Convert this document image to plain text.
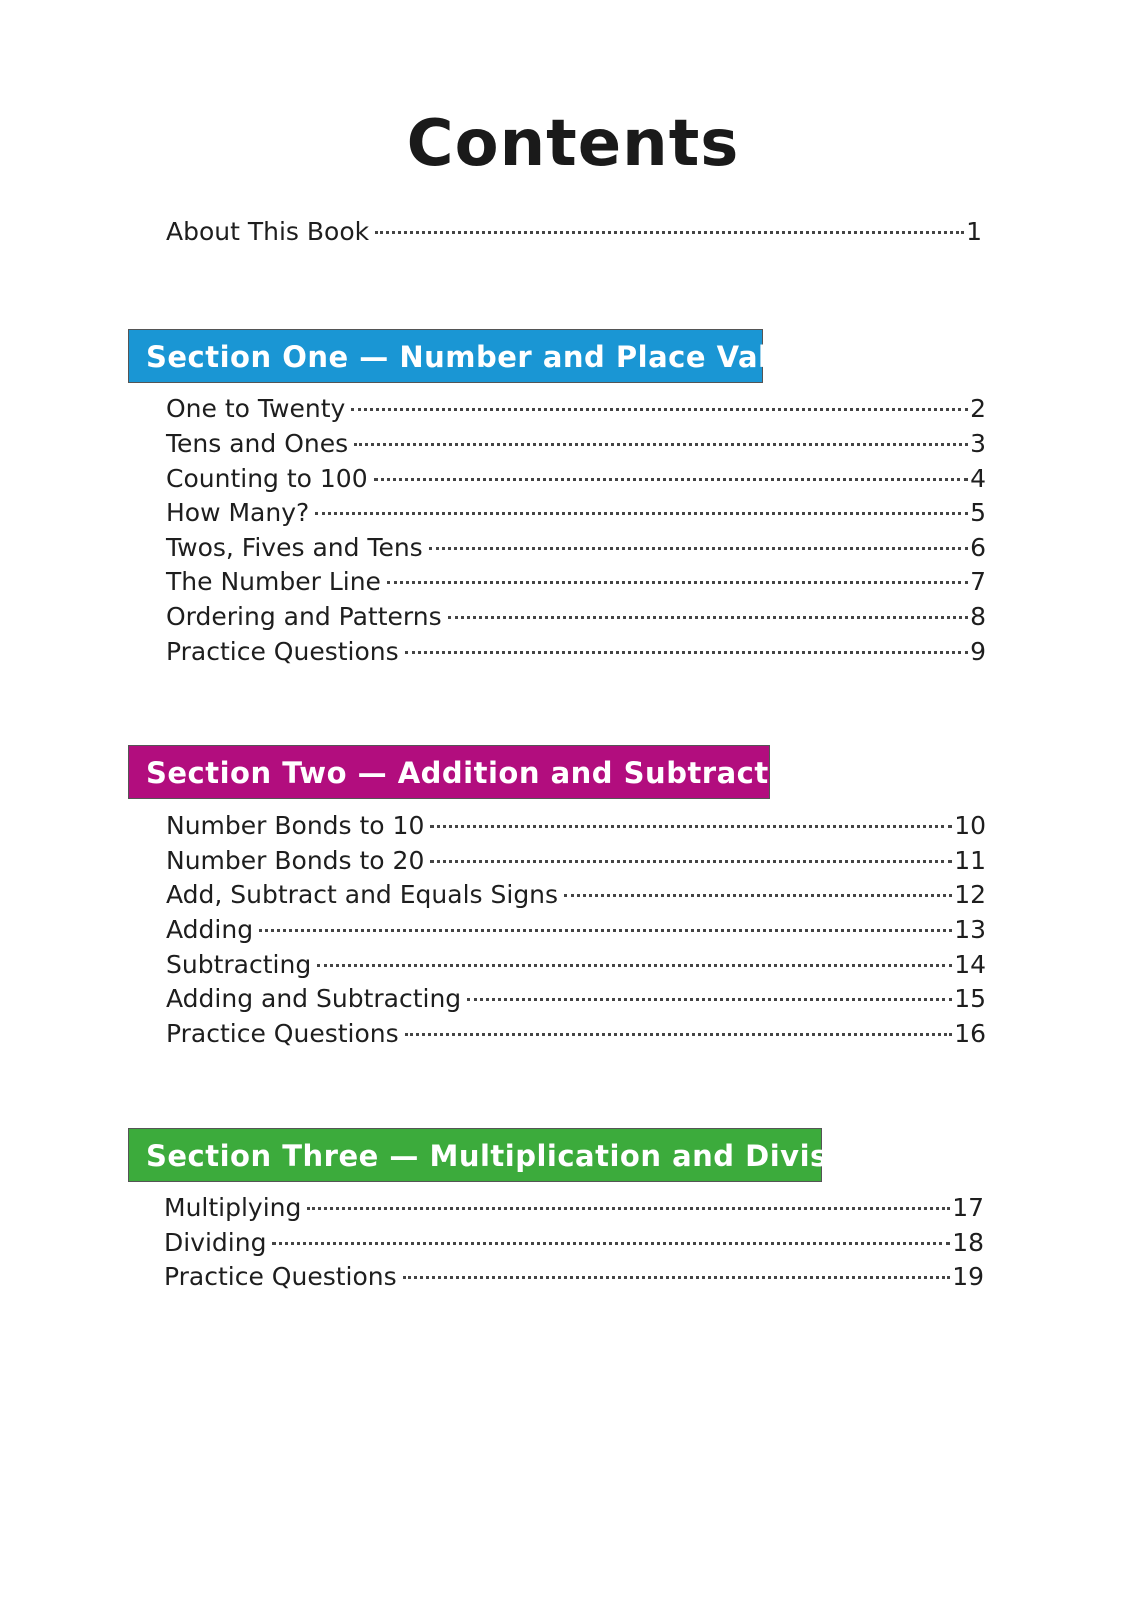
Contents
About This Book	1
Section One — Number and Place Value
One to Twenty	2
Tens and Ones	3
Counting to 100	4
How Many?	5
Twos, Fives and Tens	6
The Number Line	7
Ordering and Patterns	8
Practice Questions	9
Section Two — Addition and Subtraction
Number Bonds to 10	10
Number Bonds to 20	11
Add, Subtract and Equals Signs	12
Adding	13
Subtracting	14
Adding and Subtracting	15
Practice Questions	16
Section Three — Multiplication and Division
Multiplying	17
Dividing	18
Practice Questions	19
